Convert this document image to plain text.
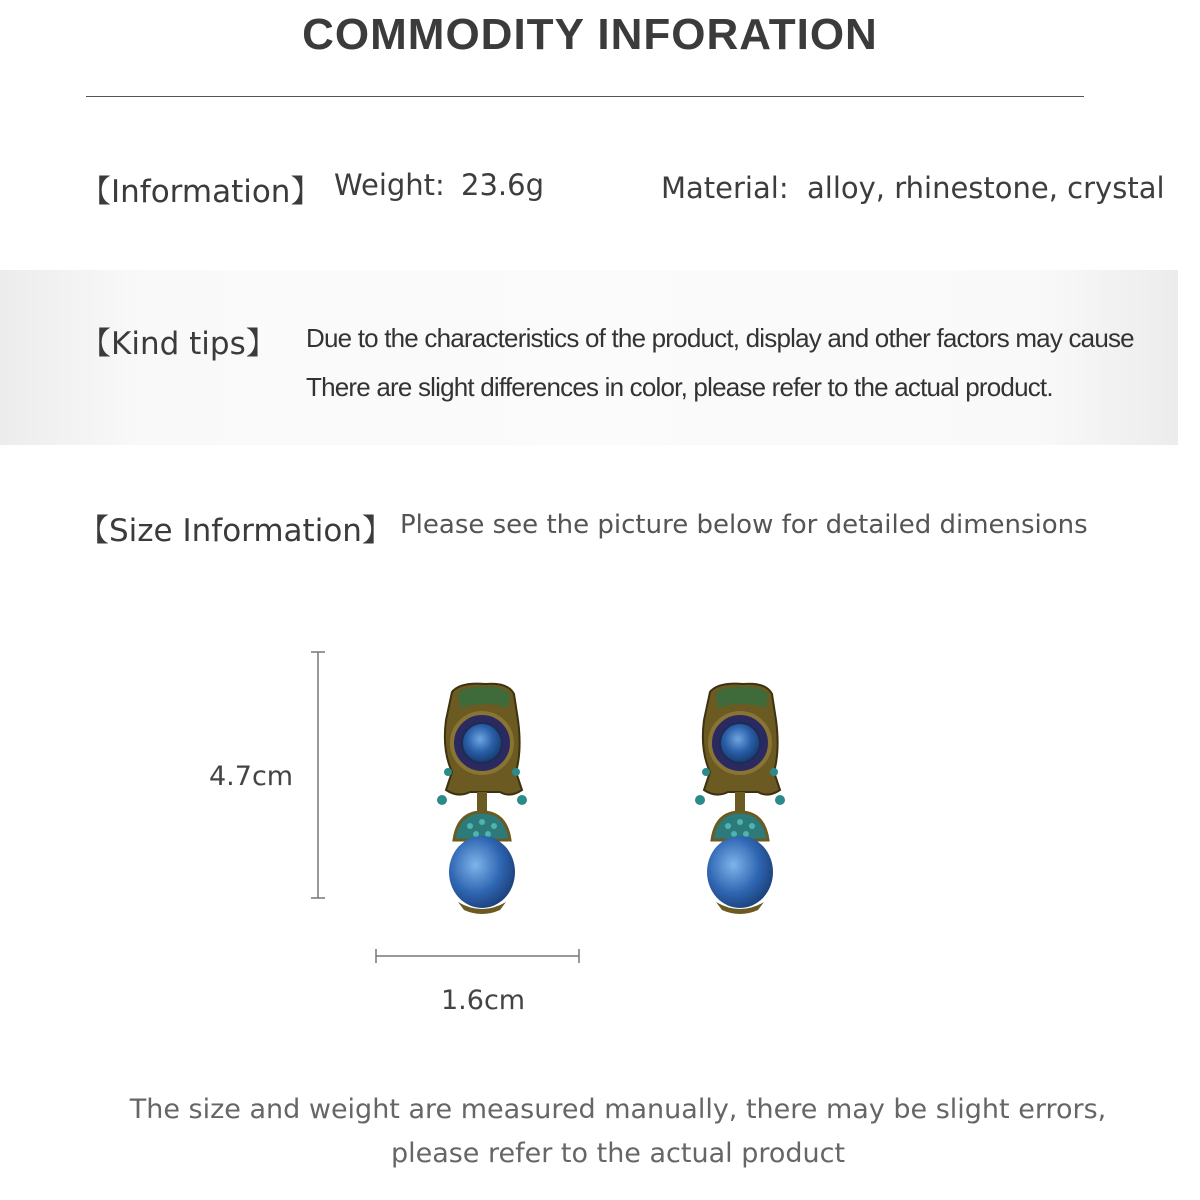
COMMODITY INFORATION
【Information】 Weight: 23.6g	Material: alloy, rhinestone, crystal
【Kind tips】 Due to the characteristics of the product, display and other factors may cause
There are slight differences in color, please refer to the actual product.
【Size Information】 Please see the picture below for detailed dimensions
4.7cm
1.6cm
The size and weight are measured manually, there may be slight errors,
please refer to the actual product
